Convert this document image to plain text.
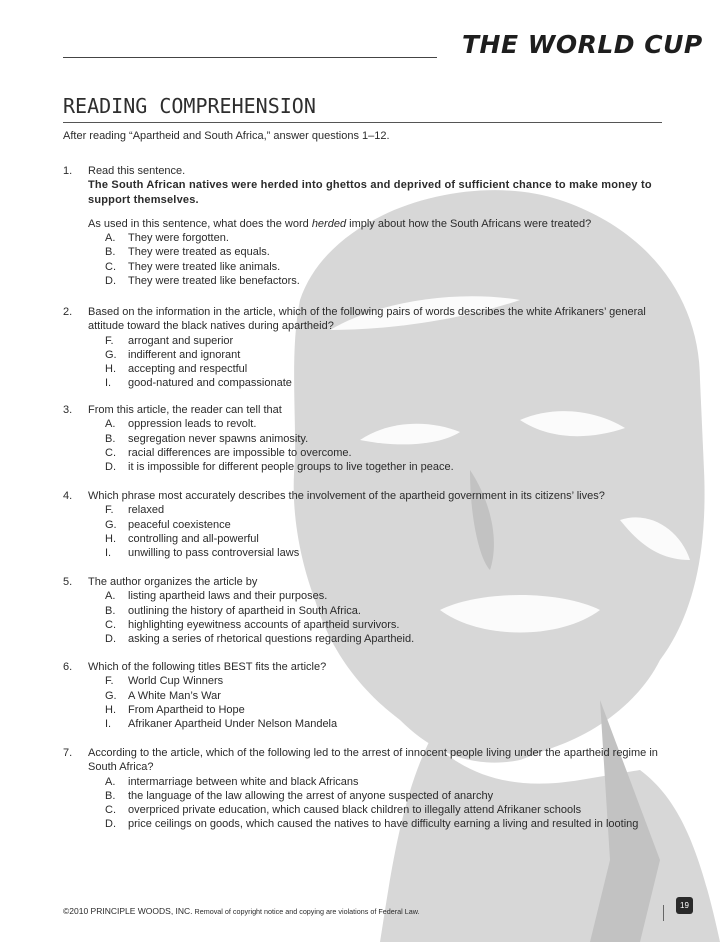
THE WORLD CUP
READING COMPREHENSION
After reading “Apartheid and South Africa,” answer questions 1–12.
1. Read this sentence.
The South African natives were herded into ghettos and deprived of sufficient chance to make money to support themselves.
As used in this sentence, what does the word herded imply about how the South Africans were treated?
A. They were forgotten.
B. They were treated as equals.
C. They were treated like animals.
D. They were treated like benefactors.
2. Based on the information in the article, which of the following pairs of words describes the white Afrikaners’ general attitude toward the black natives during apartheid?
F. arrogant and superior
G. indifferent and ignorant
H. accepting and respectful
I. good-natured and compassionate
3. From this article, the reader can tell that
A. oppression leads to revolt.
B. segregation never spawns animosity.
C. racial differences are impossible to overcome.
D. it is impossible for different people groups to live together in peace.
4. Which phrase most accurately describes the involvement of the apartheid government in its citizens’ lives?
F. relaxed
G. peaceful coexistence
H. controlling and all-powerful
I. unwilling to pass controversial laws
5. The author organizes the article by
A. listing apartheid laws and their purposes.
B. outlining the history of apartheid in South Africa.
C. highlighting eyewitness accounts of apartheid survivors.
D. asking a series of rhetorical questions regarding Apartheid.
6. Which of the following titles BEST fits the article?
F. World Cup Winners
G. A White Man’s War
H. From Apartheid to Hope
I. Afrikaner Apartheid Under Nelson Mandela
7. According to the article, which of the following led to the arrest of innocent people living under the apartheid regime in South Africa?
A. intermarriage between white and black Africans
B. the language of the law allowing the arrest of anyone suspected of anarchy
C. overpriced private education, which caused black children to illegally attend Afrikaner schools
D. price ceilings on goods, which caused the natives to have difficulty earning a living and resulted in looting
©2010 PRINCIPLE WOODS, INC. Removal of copyright notice and copying are violations of Federal Law.
19
